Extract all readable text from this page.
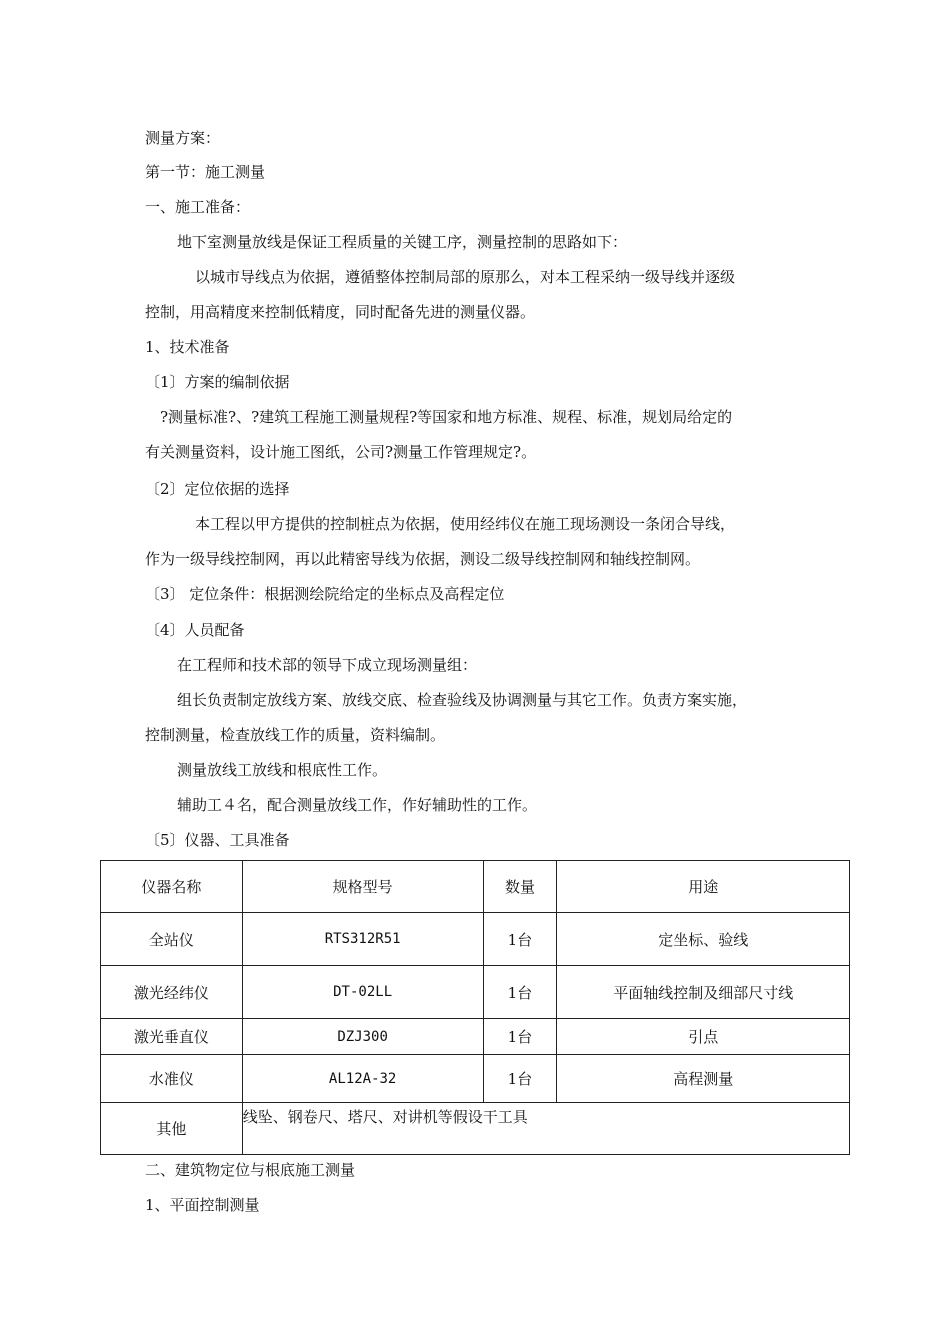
测量方案：
第一节：施工测量
一、施工准备：
地下室测量放线是保证工程质量的关键工序，测量控制的思路如下：
以城市导线点为依据，遵循整体控制局部的原那么，对本工程采纳一级导线并逐级
控制，用高精度来控制低精度，同时配备先进的测量仪器。
1、技术准备
〔1〕方案的编制依据
?测量标准?、?建筑工程施工测量规程?等国家和地方标准、规程、标准，规划局给定的
有关测量资料，设计施工图纸，公司?测量工作管理规定?。
〔2〕定位依据的选择
本工程以甲方提供的控制桩点为依据，使用经纬仪在施工现场测设一条闭合导线，
作为一级导线控制网，再以此精密导线为依据，测设二级导线控制网和轴线控制网。
〔3〕 定位条件：根据测绘院给定的坐标点及高程定位
〔4〕人员配备
在工程师和技术部的领导下成立现场测量组：
组长负责制定放线方案、放线交底、检查验线及协调测量与其它工作。负责方案实施，
控制测量，检查放线工作的质量，资料编制。
测量放线工放线和根底性工作。
辅助工４名，配合测量放线工作，作好辅助性的工作。
〔5〕仪器、工具准备
仪器名称	规格型号	数量	用途
全站仪	RTS312R51	1台	定坐标、验线
激光经纬仪	DT-02LL	1台	平面轴线控制及细部尺寸线
激光垂直仪	DZJ300	1台	引点
水准仪	AL12A-32	1台	高程测量
其他	线坠、钢卷尺、塔尺、对讲机等假设干工具		
二、建筑物定位与根底施工测量
1、平面控制测量
